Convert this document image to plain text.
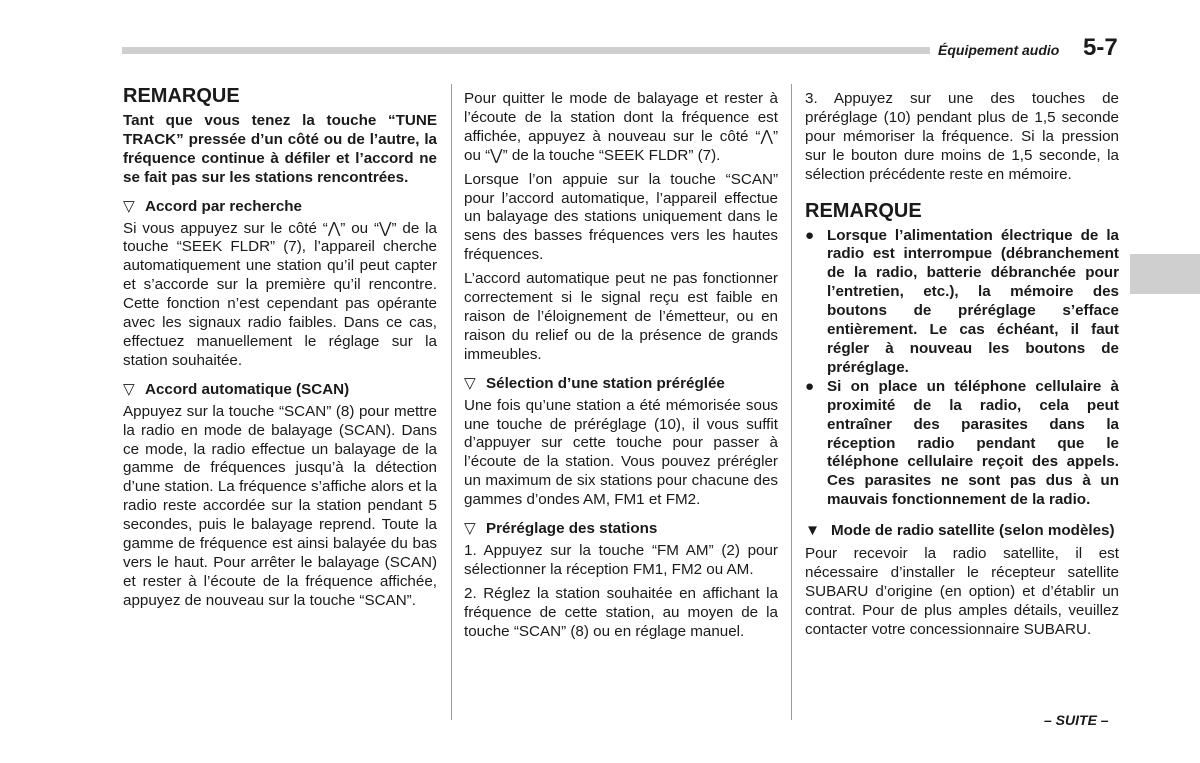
Équipement audio 5-7
REMARQUE

Tant que vous tenez la touche “TUNE TRACK” pressée d’un côté ou de l’autre, la fréquence continue à défiler et l’accord ne se fait pas sur les stations rencontrées.

▽ Accord par recherche

Si vous appuyez sur le côté “⋀” ou “⋁” de la touche “SEEK FLDR” (7), l’appareil cherche automatiquement une station qu’il peut capter et s’accorde sur la première qu’il rencontre. Cette fonction n’est cependant pas opérante avec les signaux radio faibles. Dans ce cas, effectuez manuellement le réglage sur la station souhaitée.

▽ Accord automatique (SCAN)

Appuyez sur la touche “SCAN” (8) pour mettre la radio en mode de balayage (SCAN). Dans ce mode, la radio effectue un balayage de la gamme de fréquences jusqu’à la détection d’une station. La fréquence s’affiche alors et la radio reste accordée sur la station pendant 5 secondes, puis le balayage reprend. Toute la gamme de fréquence est ainsi balayée du bas vers le haut. Pour arrêter le balayage (SCAN) et rester à l’écoute de la fréquence affichée, appuyez de nouveau sur la touche “SCAN”.

Pour quitter le mode de balayage et rester à l’écoute de la station dont la fréquence est affichée, appuyez à nouveau sur le côté “⋀” ou “⋁” de la touche “SEEK FLDR” (7).

Lorsque l’on appuie sur la touche “SCAN” pour l’accord automatique, l’appareil effectue un balayage des stations uniquement dans le sens des basses fréquences vers les hautes fréquences.

L’accord automatique peut ne pas fonctionner correctement si le signal reçu est faible en raison de l’éloignement de l’émetteur, ou en raison du relief ou de la présence de grands immeubles.

▽ Sélection d’une station préréglée

Une fois qu’une station a été mémorisée sous une touche de préréglage (10), il vous suffit d’appuyer sur cette touche pour passer à l’écoute de la station. Vous pouvez prérégler un maximum de six stations pour chacune des gammes d’ondes AM, FM1 et FM2.

▽ Préréglage des stations

1. Appuyez sur la touche “FM AM” (2) pour sélectionner la réception FM1, FM2 ou AM.

2. Réglez la station souhaitée en affichant la fréquence de cette station, au moyen de la touche “SCAN” (8) ou en réglage manuel.

3. Appuyez sur une des touches de préréglage (10) pendant plus de 1,5 seconde pour mémoriser la fréquence. Si la pression sur le bouton dure moins de 1,5 seconde, la sélection précédente reste en mémoire.

REMARQUE
● Lorsque l’alimentation électrique de la radio est interrompue (débranchement de la radio, batterie débranchée pour l’entretien, etc.), la mémoire des boutons de préréglage s’efface entièrement. Le cas échéant, il faut régler à nouveau les boutons de préréglage.
● Si on place un téléphone cellulaire à proximité de la radio, cela peut entraîner des parasites dans la réception radio pendant que le téléphone cellulaire reçoit des appels. Ces parasites ne sont pas dus à un mauvais fonctionnement de la radio.
▼ Mode de radio satellite (selon modèles)

Pour recevoir la radio satellite, il est nécessaire d’installer le récepteur satellite SUBARU d’origine (en option) et d’établir un contrat. Pour de plus amples détails, veuillez contacter votre concessionnaire SUBARU.

– SUITE –
